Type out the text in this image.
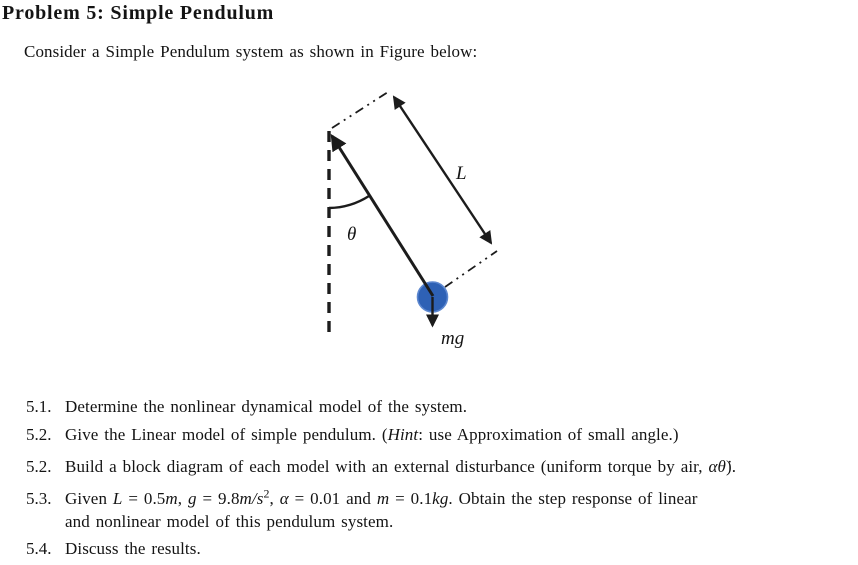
Problem 5: Simple Pendulum
Consider a Simple Pendulum system as shown in Figure below:
L
θ
mg
5.1. Determine the nonlinear dynamical model of the system.
5.2. Give the Linear model of simple pendulum. (Hint: use Approximation of small angle.)
5.2. Build a block diagram of each model with an external disturbance (uniform torque by air, αθ̇).
5.3. Given L = 0.5m, $g = 9.8m/s^2$, α = 0.01 and m = 0.1kg. Obtain the step response of linear
and nonlinear model of this pendulum system.
5.4. Discuss the results.
